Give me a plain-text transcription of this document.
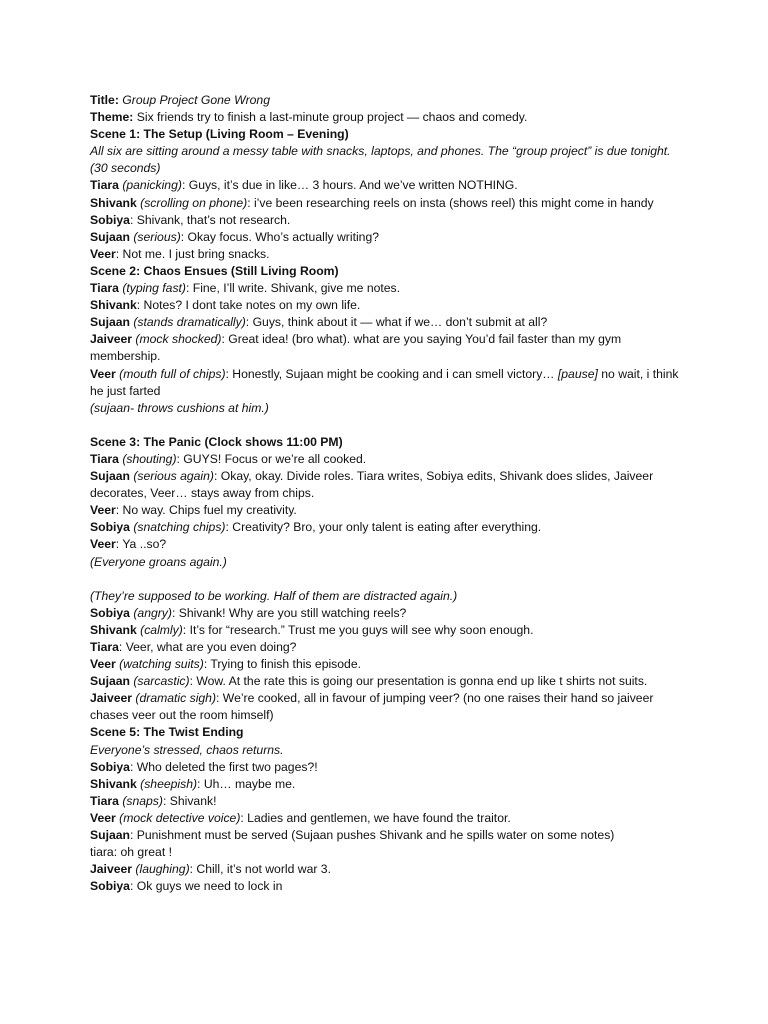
Title: Group Project Gone Wrong
Theme: Six friends try to finish a last-minute group project — chaos and comedy.
Scene 1: The Setup (Living Room – Evening)
All six are sitting around a messy table with snacks, laptops, and phones. The “group project” is due tonight.
(30 seconds)
Tiara (panicking): Guys, it’s due in like… 3 hours. And we’ve written NOTHING.
Shivank (scrolling on phone): i’ve been researching reels on insta (shows reel) this might come in handy
Sobiya: Shivank, that’s not research.
Sujaan (serious): Okay focus. Who’s actually writing?
Veer: Not me. I just bring snacks.
Scene 2: Chaos Ensues (Still Living Room)
Tiara (typing fast): Fine, I’ll write. Shivank, give me notes.
Shivank: Notes? I dont take notes on my own life.
Sujaan (stands dramatically): Guys, think about it — what if we… don’t submit at all?
Jaiveer (mock shocked): Great idea! (bro what). what are you saying You’d fail faster than my gym membership.
Veer (mouth full of chips): Honestly, Sujaan might be cooking and i can smell victory… [pause] no wait, i think he just farted
(sujaan- throws cushions at him.)
Scene 3: The Panic (Clock shows 11:00 PM)
Tiara (shouting): GUYS! Focus or we’re all cooked.
Sujaan (serious again): Okay, okay. Divide roles. Tiara writes, Sobiya edits, Shivank does slides, Jaiveer decorates, Veer… stays away from chips.
Veer: No way. Chips fuel my creativity.
Sobiya (snatching chips): Creativity? Bro, your only talent is eating after everything.
Veer: Ya ..so?
(Everyone groans again.)
(They’re supposed to be working. Half of them are distracted again.)
Sobiya (angry): Shivank! Why are you still watching reels?
Shivank (calmly): It’s for “research.” Trust me you guys will see why soon enough.
Tiara: Veer, what are you even doing?
Veer (watching suits): Trying to finish this episode.
Sujaan (sarcastic): Wow. At the rate this is going our presentation is gonna end up like t shirts not suits.
Jaiveer (dramatic sigh): We’re cooked, all in favour of jumping veer? (no one raises their hand so jaiveer chases veer out the room himself)
Scene 5: The Twist Ending
Everyone’s stressed, chaos returns.
Sobiya: Who deleted the first two pages?!
Shivank (sheepish): Uh… maybe me.
Tiara (snaps): Shivank!
Veer (mock detective voice): Ladies and gentlemen, we have found the traitor.
Sujaan: Punishment must be served (Sujaan pushes Shivank and he spills water on some notes)
tiara: oh great !
Jaiveer (laughing): Chill, it’s not world war 3.
Sobiya: Ok guys we need to lock in
